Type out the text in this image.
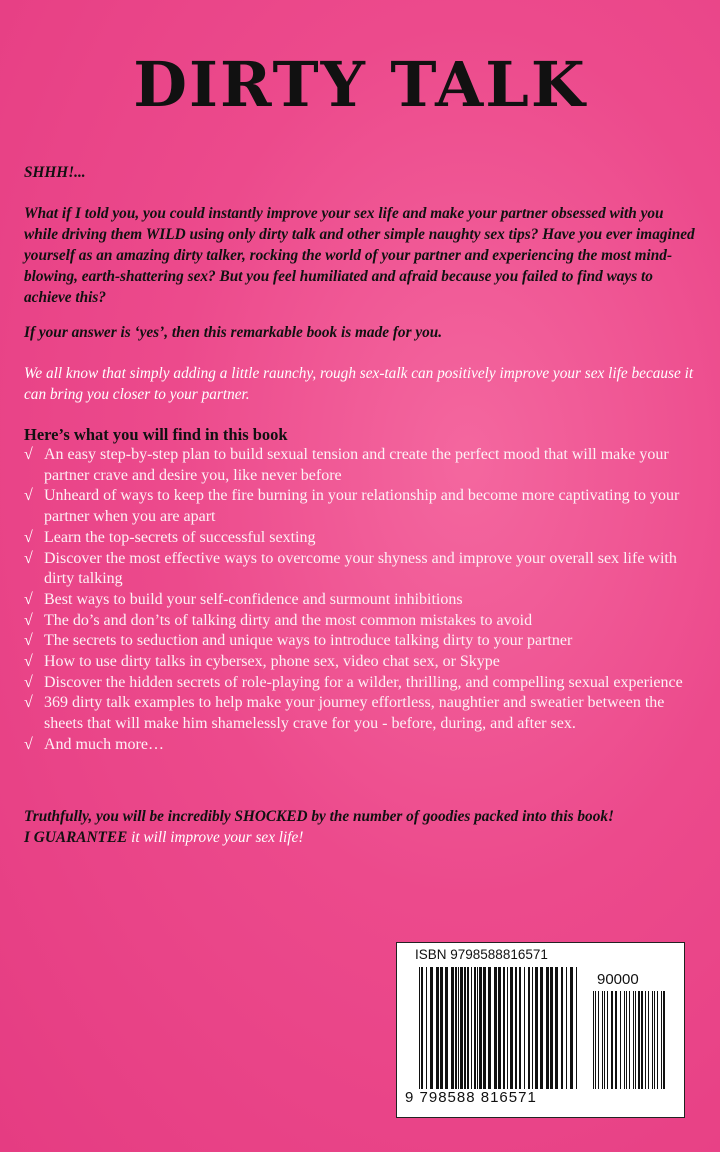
DIRTY TALK
SHHH!...
What if I told you, you could instantly improve your sex life and make your partner obsessed with you while driving them WILD using only dirty talk and other simple naughty sex tips? Have you ever imagined yourself as an amazing dirty talker, rocking the world of your partner and experiencing the most mind-blowing, earth-shattering sex? But you feel humiliated and afraid because you failed to find ways to achieve this?
If your answer is ‘yes’, then this remarkable book is made for you.
We all know that simply adding a little raunchy, rough sex-talk can positively improve your sex life because it can bring you closer to your partner.
Here’s what you will find in this book
√ An easy step-by-step plan to build sexual tension and create the perfect mood that will make your partner crave and desire you, like never before
√ Unheard of ways to keep the fire burning in your relationship and become more captivating to your partner when you are apart
√ Learn the top-secrets of successful sexting
√ Discover the most effective ways to overcome your shyness and improve your overall sex life with dirty talking
√ Best ways to build your self-confidence and surmount inhibitions
√ The do’s and don’ts of talking dirty and the most common mistakes to avoid
√ The secrets to seduction and unique ways to introduce talking dirty to your partner
√ How to use dirty talks in cybersex, phone sex, video chat sex, or Skype
√ Discover the hidden secrets of role-playing for a wilder, thrilling, and compelling sexual experience
√ 369 dirty talk examples to help make your journey effortless, naughtier and sweatier between the sheets that will make him shamelessly crave for you - before, during, and after sex.
√ And much more…
Truthfully, you will be incredibly SHOCKED by the number of goodies packed into this book!
I GUARANTEE it will improve your sex life!
ISBN 9798588816571
90000
9 798588 816571
